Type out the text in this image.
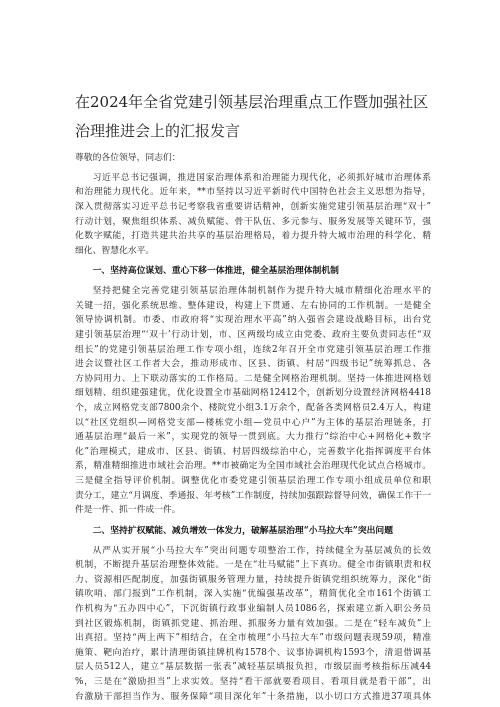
在2024年全省党建引领基层治理重点工作暨加强社区
治理推进会上的汇报发言
尊敬的各位领导，同志们：
习近平总书记强调，推进国家治理体系和治理能力现代化，必须抓好城市治理体系
和治理能力现代化。近年来，**市坚持以习近平新时代中国特色社会主义思想为指导，
深入贯彻落实习近平总书记考察我省重要讲话精神，创新实施党建引领基层治理“双十”
行动计划，聚焦组织体系、减负赋能、骨干队伍、多元参与、服务发展等关键环节，强
化数字赋能，打造共建共治共享的基层治理格局，着力提升特大城市治理的科学化、精
细化、智慧化水平。
一、坚持高位谋划、重心下移一体推进，健全基层治理体制机制
坚持把健全完善党建引领基层治理体制机制作为提升特大城市精细化治理水平的
关键一招，强化系统思维、整体建设，构建上下贯通、左右协同的工作机制。一是健全
领导协调机制。市委、市政府将“实现治理水平高”纳入强省会建设战略目标，出台党
建引领基层治理“‘双十’行动计划，市、区两级均成立由党委、政府主要负责同志任“双
组长”的党建引领基层治理工作专项小组，连续2年召开全市党建引领基层治理工作推
进会议暨社区工作者大会，推动形成市、区县、街镇、村居“四级书记”统筹抓总、各
方协同用力、上下联动落实的工作格局。二是健全网格治理机制。坚持一体推进网格划
细划精、组织建强建优，优化设置全市基础网格12412个，创新划分设置经济网格4418
个，成立网格党支部7800余个、楼院党小组3.1万余个，配备各类网格员2.4万人，构建
以“社区党组织—网格党支部—楼栋党小组—党员中心户”为主体的基层治理链条，打
通基层治理“最后一米”，实现党的领导一贯到底。大力推行“综治中心+网格化+数字
化”治理模式，建成市、区县、街镇、村居四级综治中心，完善数字化指挥调度平台体
系，精准精细推进市域社会治理。**市被确定为全国市域社会治理现代化试点合格城市。
三是健全指导评价机制。调整优化市委党建引领基层治理工作专项小组成员单位和职
责分工，建立“月调度、季通报、年考核”工作制度，持续加强跟踪督导问效，确保工作干一
件是一件、抓一件成一件。
二、坚持扩权赋能、减负增效一体发力，破解基层治理“小马拉大车”突出问题
从严从实开展“小马拉大车”突出问题专项整治工作，持续健全为基层减负的长效
机制，不断提升基层治理整体效能。一是在“壮马赋能”上下真功。健全市街镇职责和权
力、资源相匹配制度，加强街镇服务管理力量，持续提升街镇党组织统筹力，深化“街
镇吹哨、部门报到”工作机制，深入实施“优编强基改革”，精简优化全市161个街镇工
作机构为“五办四中心”，下沉街镇行政事业编制人员1086名，探索建立新入职公务员
到社区锻炼机制，街镇抓党建、抓治理、抓服务力量有效加强。二是在“轻车减负”上
出真招。坚持“两上两下”相结合，在全市梳理“小马拉大车”市级问题表现59项，精准
施策、靶向治疗，累计清理街镇挂牌机构1578个、议事协调机构1593个，清退借调基
层人员512人，建立“基层数据一张表”减轻基层填报负担，市级层面考核指标压减44
%，三是在“激励担当”上求实效。坚持“看干部就要看项目、看项目就是看干部”，出
台激励干部担当作为、服务保障“项目深化年”十条措施，以小切口方式推进37项具体
